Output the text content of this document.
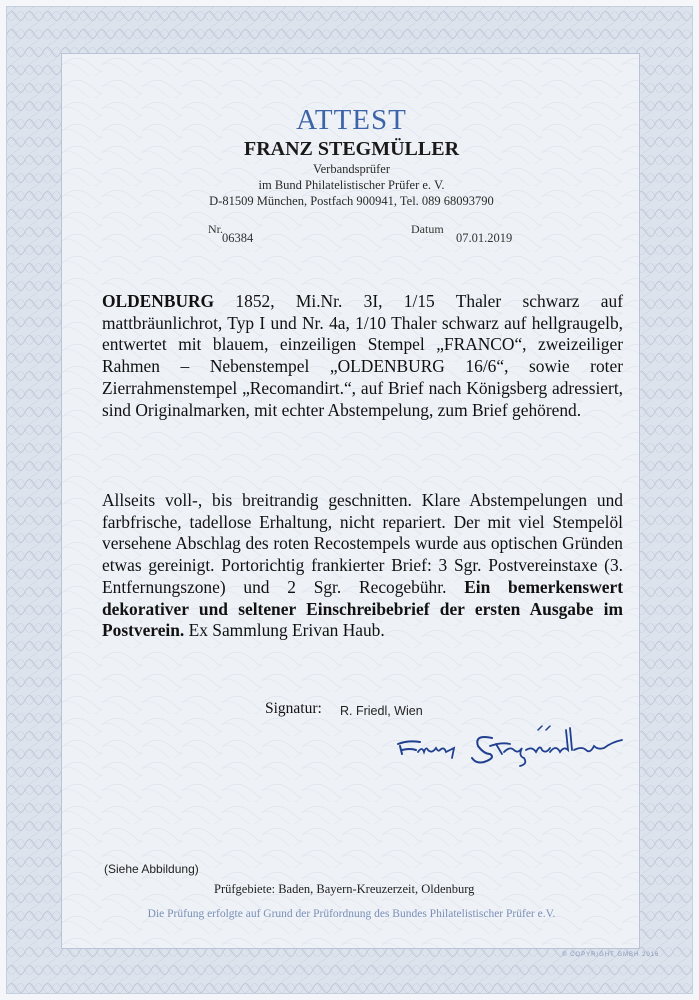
ATTEST
FRANZ STEGMÜLLER
Verbandsprüfer
im Bund Philatelistischer Prüfer e. V.
D-81509 München, Postfach 900941, Tel. 089 68093790
Nr.
06384
Datum
07.01.2019
OLDENBURG 1852, Mi.Nr. 3I, 1/15 Thaler schwarz auf mattbräunlichrot, Typ I und Nr. 4a, 1/10 Thaler schwarz auf hellgraugelb, entwertet mit blauem, einzeiligen Stempel „FRANCO“, zweizeiliger Rahmen – Nebenstempel „OLDENBURG 16/6“, sowie roter Zierrahmenstempel „Recomandirt.“, auf Brief nach Königsberg adressiert, sind Originalmarken, mit echter Abstempelung, zum Brief gehörend.
Allseits voll-, bis breitrandig geschnitten. Klare Abstempelungen und farbfrische, tadellose Erhaltung, nicht repariert. Der mit viel Stempelöl versehene Abschlag des roten Recostempels wurde aus optischen Gründen etwas gereinigt. Portorichtig frankierter Brief: 3 Sgr. Postvereinstaxe (3. Entfernungszone) und 2 Sgr. Recogebühr. Ein bemerkenswert dekorativer und seltener Einschreibebrief der ersten Ausgabe im Postverein. Ex Sammlung Erivan Haub.
Signatur: R. Friedl, Wien
(Siehe Abbildung)
Prüfgebiete: Baden, Bayern-Kreuzerzeit, Oldenburg
Die Prüfung erfolgte auf Grund der Prüfordnung des Bundes Philatelistischer Prüfer e.V.
© COPYRIGHT GMBH 2016
